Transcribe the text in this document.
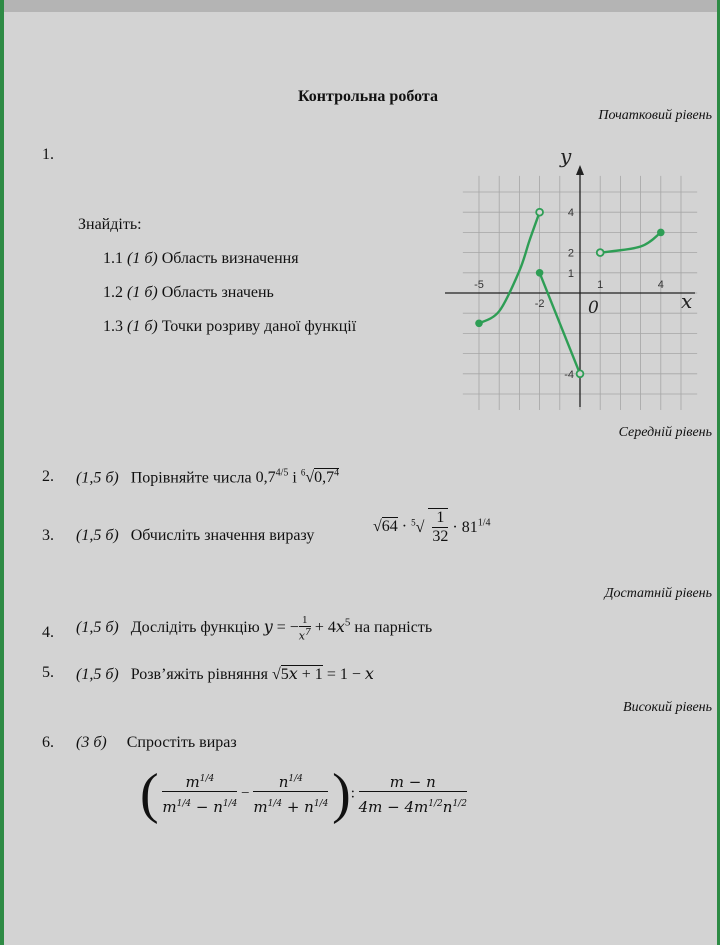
Контрольна робота
Початковий рівень
1.
Знайдіть:
1.1 (1 б) Область визначення
1.2 (1 б) Область значень
1.3 (1 б) Точки розриву даної функції
y
x
0
-5
-2
1	4
4
2
1
-4
Середній рівень
2. (1,5 б) Порівняйте числа $0,7^{4/5}$ і $^6√0,7^4$
3. (1,5 б) Обчисліть значення виразу
$√64 \cdot ^5√ \frac{1}{32} \cdot 81^{1/4}$
Достатній рівень
4. (1,5 б) Дослідіть функцію y = − $\frac{1}{x^7} + 4x^5$ на парність
5. (1,5 б) Розв’яжіть рівняння √5x + 1 = 1 − x
Високий рівень
6. (3 б) Спростіть вираз
( $\frac{m^{1/4}}{m^{1/4} - n^{1/4}} - \frac{n^{1/4}}{m^{1/4} + n^{1/4}}$ ): $\frac{m - n}{4m - 4m^{1/2}n^{1/2}}$
